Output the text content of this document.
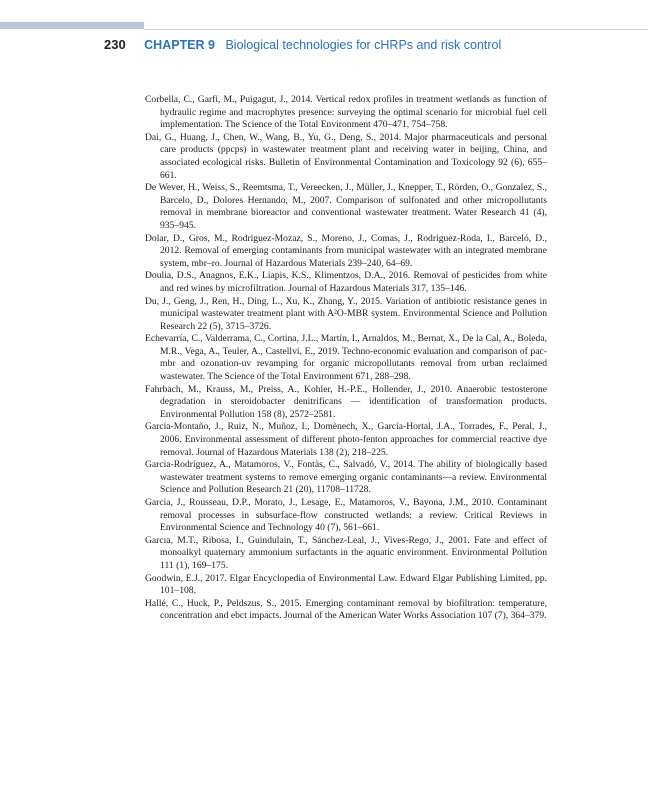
230 CHAPTER 9 Biological technologies for cHRPs and risk control
Corbella, C., Garfí, M., Puigagut, J., 2014. Vertical redox profiles in treatment wetlands as function of hydraulic regime and macrophytes presence: surveying the optimal scenario for microbial fuel cell implementation. The Science of the Total Environment 470–471, 754–758.
Dai, G., Huang, J., Chen, W., Wang, B., Yu, G., Deng, S., 2014. Major pharmaceuticals and personal care products (ppcps) in wastewater treatment plant and receiving water in beijing, China, and associated ecological risks. Bulletin of Environmental Contamination and Toxicology 92 (6), 655–661.
De Wever, H., Weiss, S., Reemtsma, T., Vereecken, J., Müller, J., Knepper, T., Rörden, O., Gonzalez, S., Barcelo, D., Dolores Hernando, M., 2007. Comparison of sulfonated and other micropollutants removal in membrane bioreactor and conventional wastewater treatment. Water Research 41 (4), 935–945.
Dolar, D., Gros, M., Rodriguez-Mozaz, S., Moreno, J., Comas, J., Rodriguez-Roda, I., Barceló, D., 2012. Removal of emerging contaminants from municipal wastewater with an integrated membrane system, mbr–ro. Journal of Hazardous Materials 239–240, 64–69.
Doulia, D.S., Anagnos, E.K., Liapis, K.S., Klimentzos, D.A., 2016. Removal of pesticides from white and red wines by microfiltration. Journal of Hazardous Materials 317, 135–146.
Du, J., Geng, J., Ren, H., Ding, L., Xu, K., Zhang, Y., 2015. Variation of antibiotic resistance genes in municipal wastewater treatment plant with A²O-MBR system. Environmental Science and Pollution Research 22 (5), 3715–3726.
Echevarría, C., Valderrama, C., Cortina, J.L., Martín, I., Arnaldos, M., Bernat, X., De la Cal, A., Boleda, M.R., Vega, A., Teuler, A., Castellví, E., 2019. Techno-economic evaluation and comparison of pac-mbr and ozonation-uv revamping for organic micropollutants removal from urban reclaimed wastewater. The Science of the Total Environment 671, 288–298.
Fahrbach, M., Krauss, M., Preiss, A., Kohler, H.-P.E., Hollender, J., 2010. Anaerobic testosterone degradation in steroidobacter denitrificans — identification of transformation products. Environmental Pollution 158 (8), 2572–2581.
García-Montaño, J., Ruiz, N., Muñoz, I., Domènech, X., García-Hortal, J.A., Torrades, F., Peral, J., 2006. Environmental assessment of different photo-fenton approaches for commercial reactive dye removal. Journal of Hazardous Materials 138 (2), 218–225.
Garcia-Rodríguez, A., Matamoros, V., Fontàs, C., Salvadó, V., 2014. The ability of biologically based wastewater treatment systems to remove emerging organic contaminants—a review. Environmental Science and Pollution Research 21 (20), 11708–11728.
Garcia, J., Rousseau, D.P., Morato, J., Lesage, E., Matamoros, V., Bayona, J.M., 2010. Contaminant removal processes in subsurface-flow constructed wetlands: a review. Critical Reviews in Environmental Science and Technology 40 (7), 561–661.
Garcıa, M.T., Ribosa, I., Guindulain, T., Sánchez-Leal, J., Vives-Rego, J., 2001. Fate and effect of monoalkyl quaternary ammonium surfactants in the aquatic environment. Environmental Pollution 111 (1), 169–175.
Goodwin, E.J., 2017. Elgar Encyclopedia of Environmental Law. Edward Elgar Publishing Limited, pp. 101–108.
Hallé, C., Huck, P., Peldszus, S., 2015. Emerging contaminant removal by biofiltration: temperature, concentration and ebct impacts. Journal of the American Water Works Association 107 (7), 364–379.
